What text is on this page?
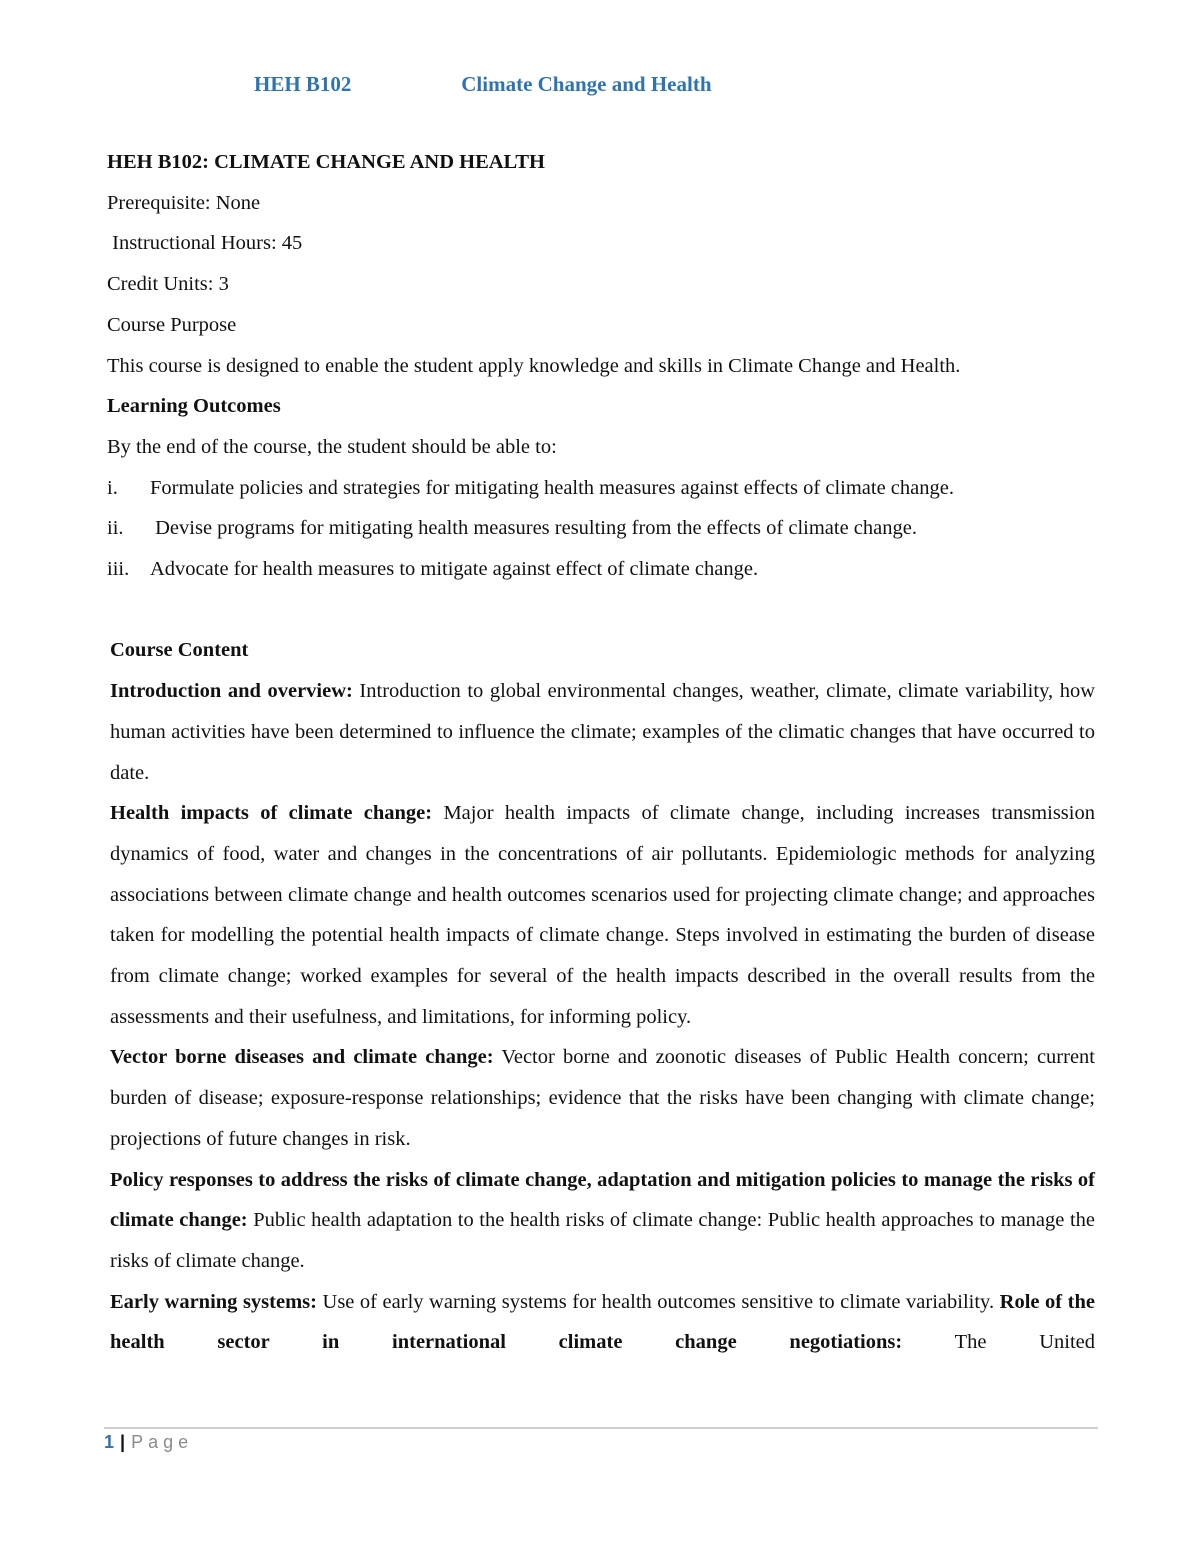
HEH B102	Climate Change and Health
HEH B102: CLIMATE CHANGE AND HEALTH
Prerequisite: None
Instructional Hours: 45
Credit Units: 3
Course Purpose
This course is designed to enable the student apply knowledge and skills in Climate Change and Health.
Learning Outcomes
By the end of the course, the student should be able to:
i. Formulate policies and strategies for mitigating health measures against effects of climate change.
ii. Devise programs for mitigating health measures resulting from the effects of climate change.
iii. Advocate for health measures to mitigate against effect of climate change.
Course Content

Introduction and overview: Introduction to global environmental changes, weather, climate, climate variability, how human activities have been determined to influence the climate; examples of the climatic changes that have occurred to date.

Health impacts of climate change: Major health impacts of climate change, including increases transmission dynamics of food, water and changes in the concentrations of air pollutants. Epidemiologic methods for analyzing associations between climate change and health outcomes scenarios used for projecting climate change; and approaches taken for modelling the potential health impacts of climate change. Steps involved in estimating the burden of disease from climate change; worked examples for several of the health impacts described in the overall results from the assessments and their usefulness, and limitations, for informing policy.

Vector borne diseases and climate change: Vector borne and zoonotic diseases of Public Health concern; current burden of disease; exposure-response relationships; evidence that the risks have been changing with climate change; projections of future changes in risk.

Policy responses to address the risks of climate change, adaptation and mitigation policies to manage the risks of climate change: Public health adaptation to the health risks of climate change: Public health approaches to manage the risks of climate change.

Early warning systems: Use of early warning systems for health outcomes sensitive to climate variability. Role of the health sector in international climate change negotiations: The United

1 | Page
